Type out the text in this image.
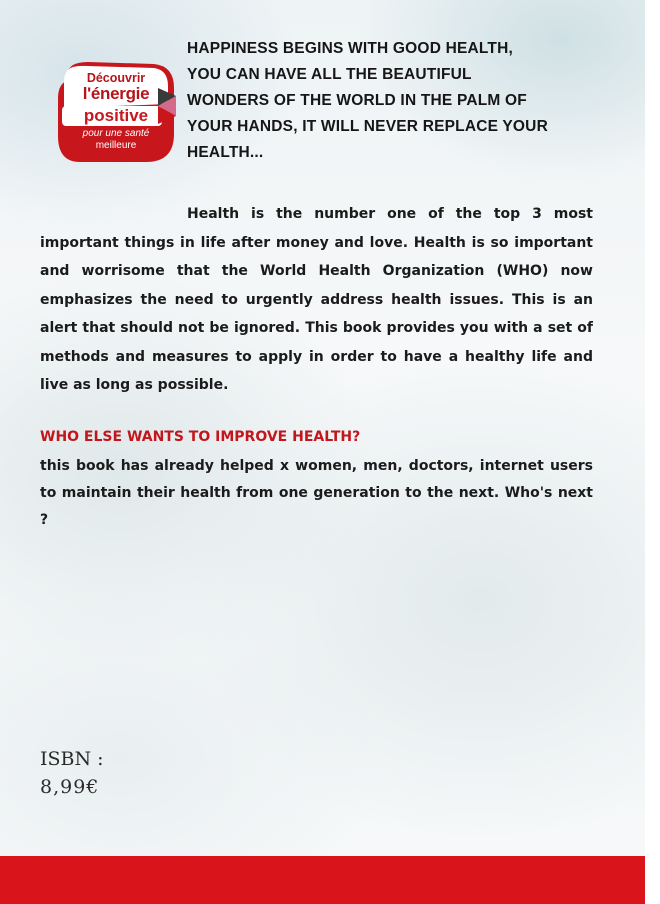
Découvrir
l'énergie
positive
pour une santé
meilleure
HAPPINESS BEGINS WITH GOOD HEALTH,
YOU CAN HAVE ALL THE BEAUTIFUL
WONDERS OF THE WORLD IN THE PALM OF
YOUR HANDS, IT WILL NEVER REPLACE YOUR
HEALTH...
Health is the number one of the top 3 most important things in life after money and love. Health is so important and worrisome that the World Health Organization (WHO) now emphasizes the need to urgently address health issues. This is an alert that should not be ignored. This book provides you with a set of methods and measures to apply in order to have a healthy life and live as long as possible.
WHO ELSE WANTS TO IMPROVE HEALTH?
this book has already helped x women, men, doctors, internet users to maintain their health from one generation to the next. Who's next ?
ISBN :
8,99€
